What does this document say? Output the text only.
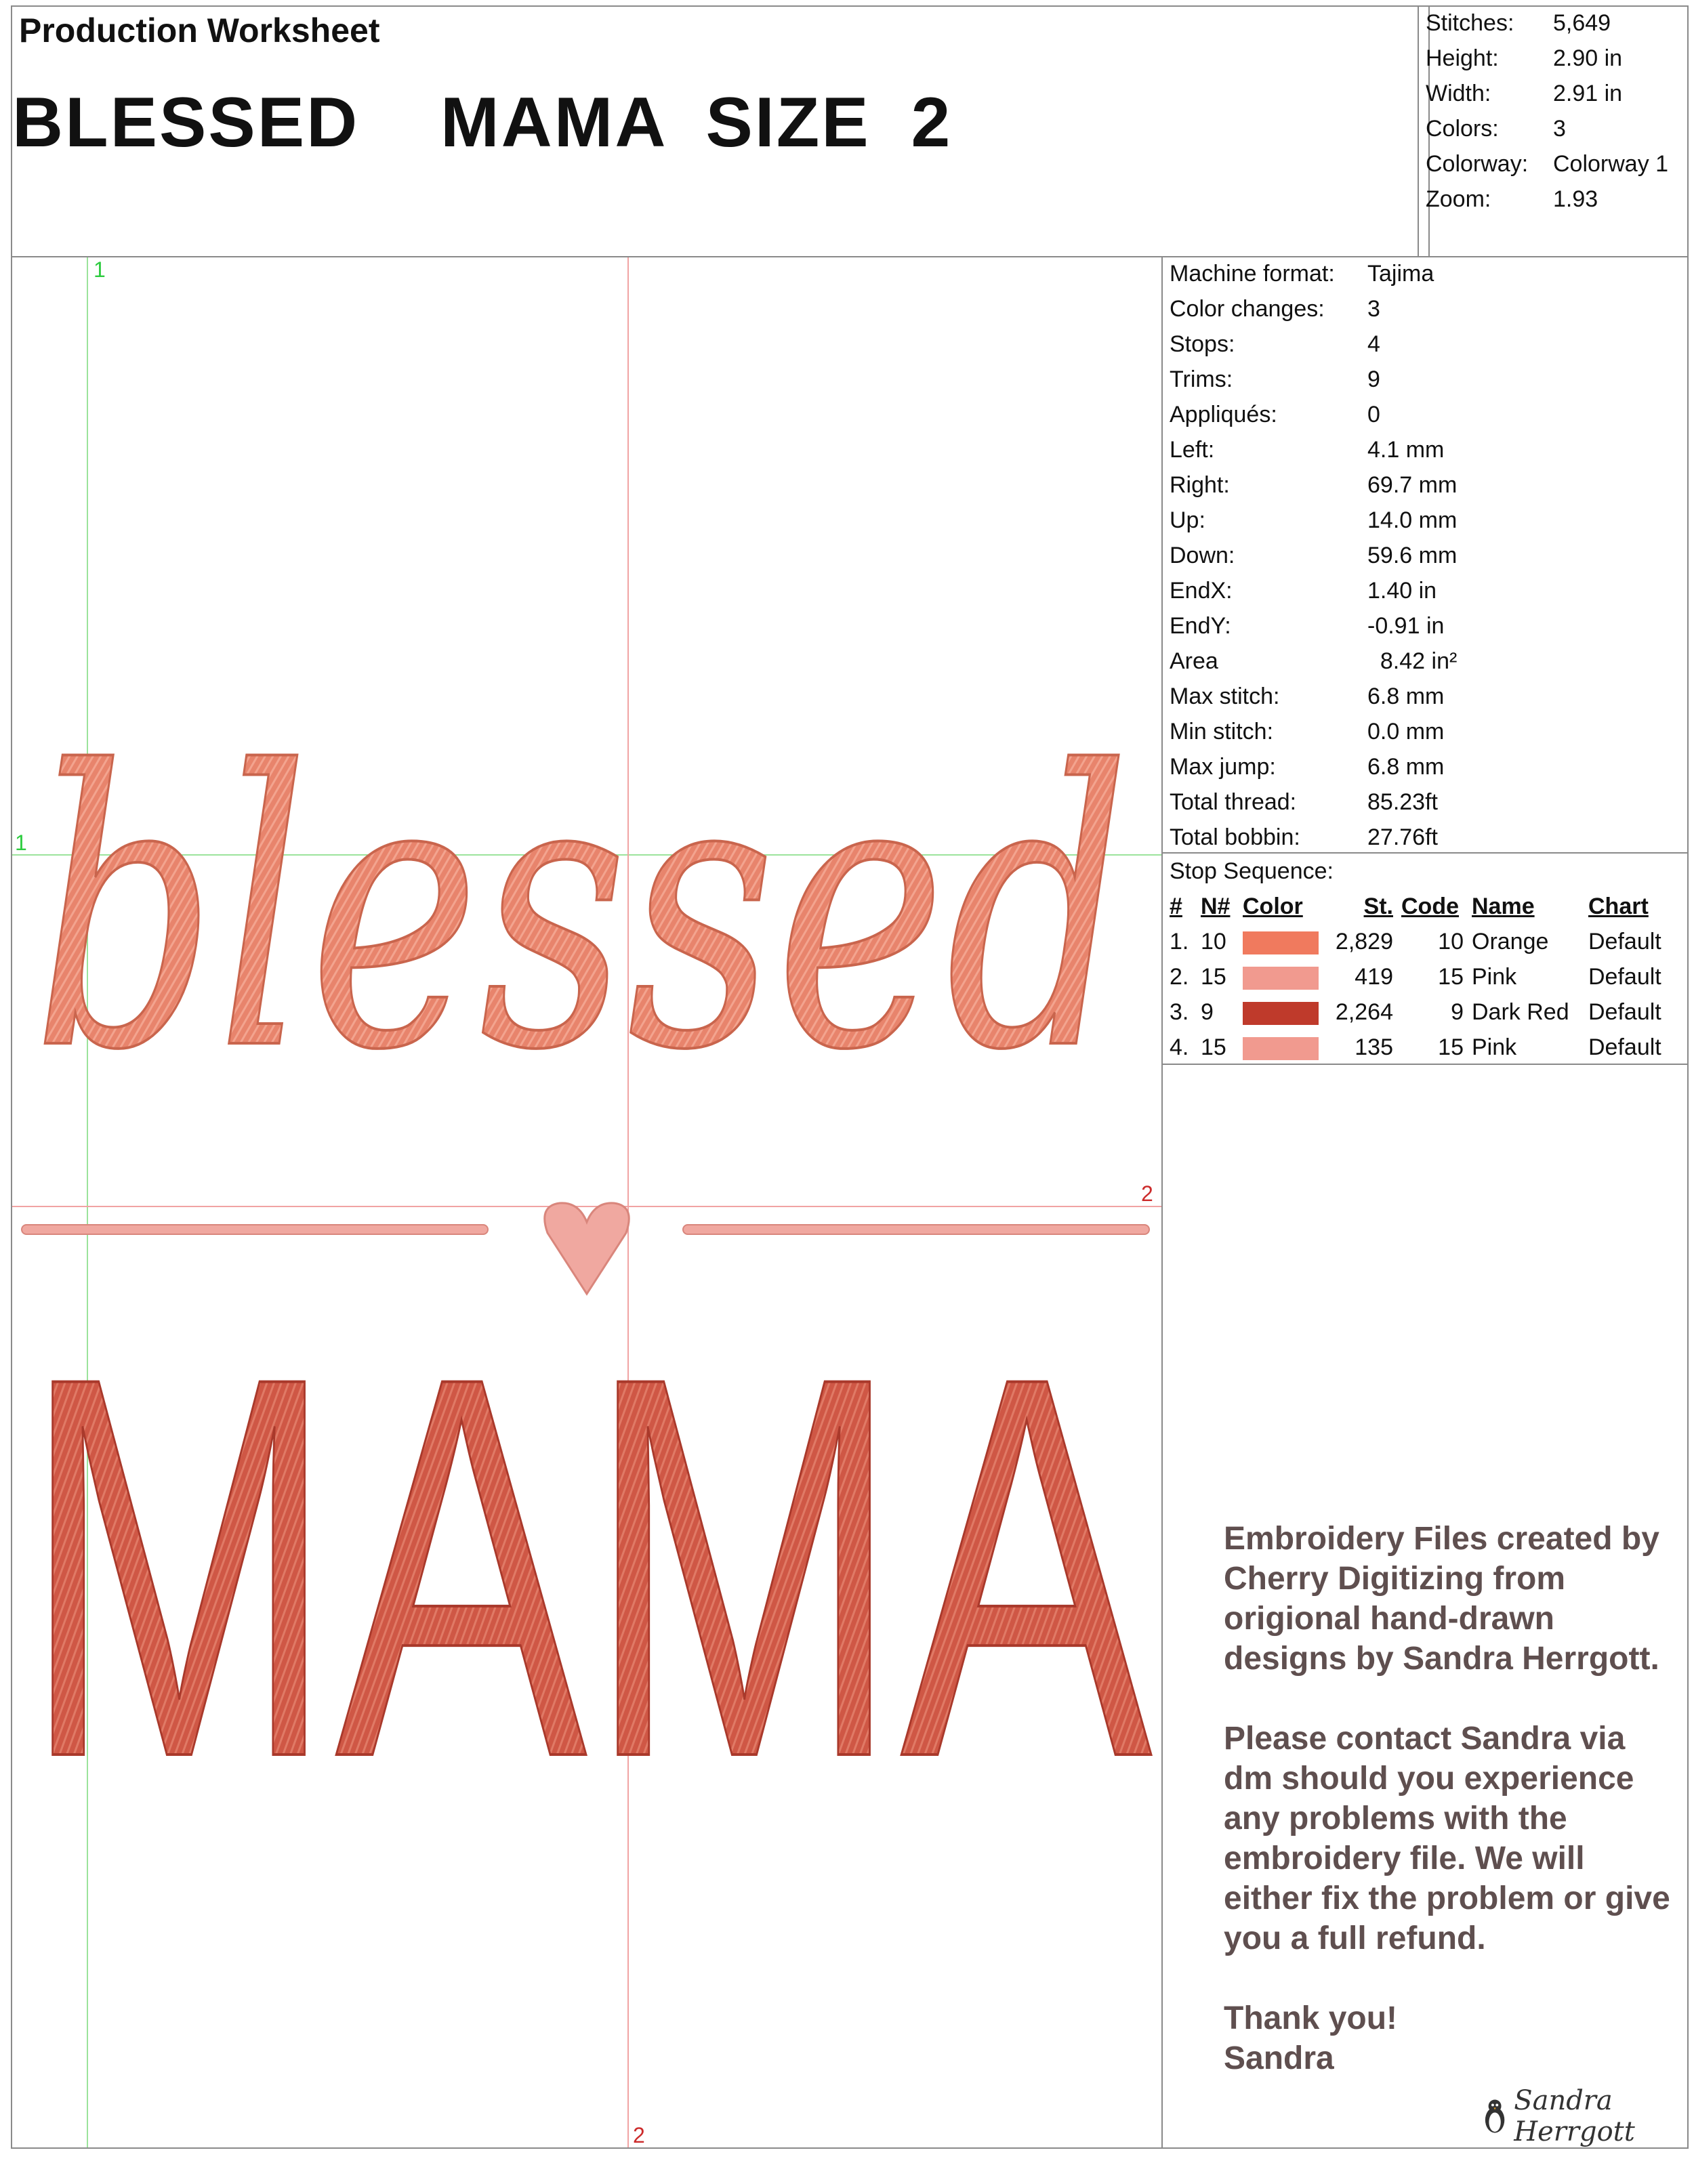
Production Worksheet
BLESSED  MAMA SIZE 2
Stitches:	5,649
Height:	2.90 in
Width:	2.91 in
Colors:	3
Colorway:	Colorway 1
Zoom:	1.93
1
1
2
2
blessed
MAMA
Machine format:	Tajima
Color changes:	3
Stops:	4
Trims:	9
Appliqués:	0
Left:	4.1 mm
Right:	69.7 mm
Up:	14.0 mm
Down:	59.6 mm
EndX:	1.40 in
EndY:	-0.91 in
Area	8.42 in²
Max stitch:	6.8 mm
Min stitch:	0.0 mm
Max jump:	6.8 mm
Total thread:	85.23ft
Total bobbin:	27.76ft
Stop Sequence:
#	N#	Color	St.	Code	Name	Chart
1.	10		2,829	10	Orange	Default
2.	15		419	15	Pink	Default
3.	9		2,264	9	Dark Red	Default
4.	15		135	15	Pink	Default

Embroidery Files created by Cherry Digitizing from origional hand-drawn designs by Sandra Herrgott.

Please contact Sandra via dm should you experience any problems with the embroidery file. We will either fix the problem or give you a full refund.

Thank you!
Sandra
Sandra Herrgott
